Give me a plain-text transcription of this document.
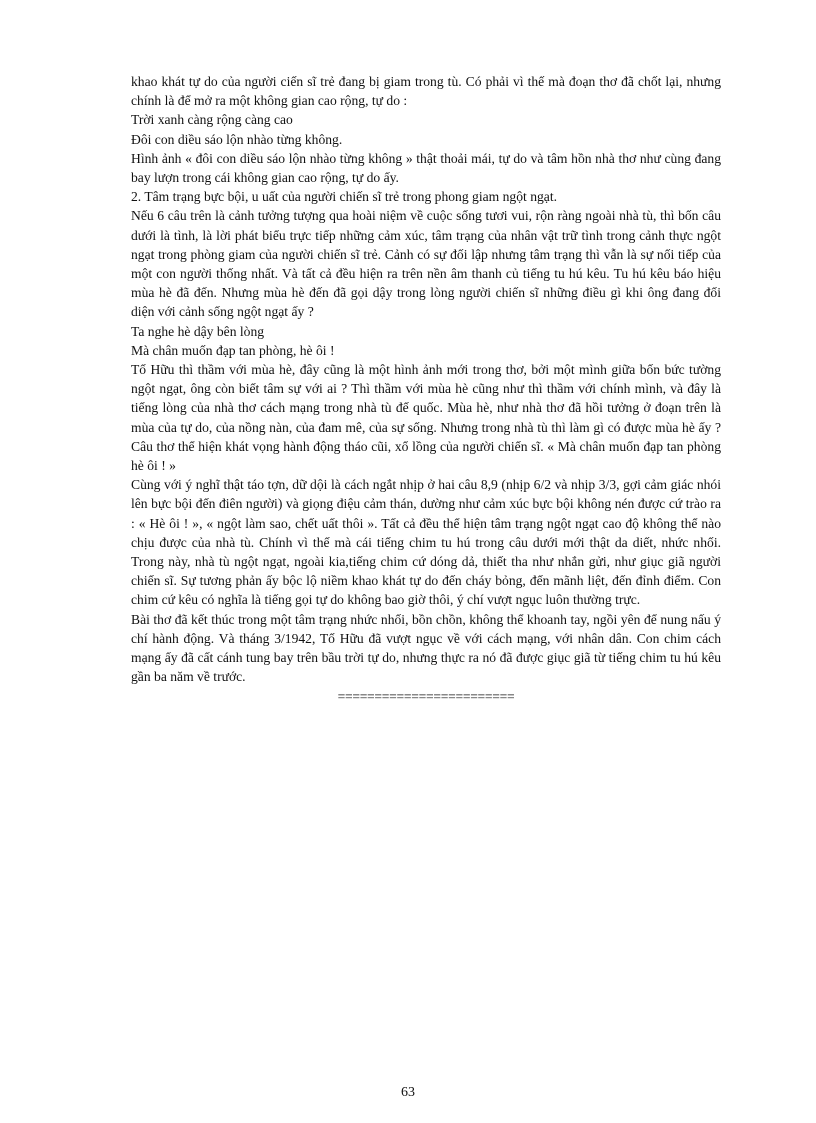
khao khát tự do của người ciến sĩ trẻ đang bị giam trong tù. Có phải vì thế mà đoạn thơ đã chốt lại, nhưng chính là để mở ra một không gian cao rộng, tự do :

Trời xanh càng rộng càng cao

Đôi con diều sáo lộn nhào từng không.

Hình ảnh « đôi con diều sáo lộn nhào từng không » thật thoải mái, tự do và tâm hồn nhà thơ như cùng đang bay lượn trong cái không gian cao rộng, tự do ấy.

2. Tâm trạng bực bội, u uất của người chiến sĩ trẻ trong phong giam ngột ngạt.

Nếu 6 câu trên là cảnh tưởng tượng qua hoài niệm về cuộc sống tươi vui, rộn ràng ngoài nhà tù, thì bốn câu dưới là tình, là lời phát biểu trực tiếp những cảm xúc, tâm trạng của nhân vật trữ tình trong cảnh thực ngột ngạt trong phòng giam của người chiến sĩ trẻ. Cảnh có sự đối lập nhưng tâm trạng thì vẫn là sự nối tiếp của một con người thống nhất. Và tất cả đều hiện ra trên nền âm thanh củ tiếng tu hú kêu. Tu hú kêu báo hiệu mùa hè đã đến. Nhưng mùa hè đến đã gọi dậy trong lòng người chiến sĩ những điều gì khi ông đang đối diện với cảnh sống ngột ngạt ấy ?

Ta nghe hè dậy bên lòng

Mà chân muốn đạp tan phòng, hè ôi !

Tố Hữu thì thầm với mùa hè, đây cũng là một hình ảnh mới trong thơ, bởi một mình giữa bốn bức tường ngột ngạt, ông còn biết tâm sự với ai ? Thì thầm với mùa hè cũng như thì thầm với chính mình, và đây là tiếng lòng của nhà thơ cách mạng trong nhà tù đế quốc. Mùa hè, như nhà thơ đã hồi tưởng ở đoạn trên là mùa của tự do, của nồng nàn, của đam mê, của sự sống. Nhưng trong nhà tù thì làm gì có được mùa hè ấy ? Câu thơ thể hiện khát vọng hành động tháo cũi, xổ lồng của người chiến sĩ. « Mà chân muốn đạp tan phòng hè ôi ! »

Cùng với ý nghĩ thật táo tợn, dữ dội là cách ngắt nhịp ở hai câu 8,9 (nhịp 6/2 và nhịp 3/3, gợi cảm giác nhói lên bực bội đến điên người) và giọng điệu cảm thán, dường như cảm xúc bực bội không nén được cứ trào ra : « Hè ôi ! », « ngột làm sao, chết uất thôi ». Tất cả đều thể hiện tâm trạng ngột ngạt cao độ không thể nào chịu được của nhà tù. Chính vì thế mà cái tiếng chim tu hú trong câu dưới mới thật da diết, nhức nhối. Trong này, nhà tù ngột ngạt, ngoài kia,tiếng chim cứ dóng dả, thiết tha như nhắn gửi, như giục giã người chiến sĩ. Sự tương phản ấy bộc lộ niềm khao khát tự do đến cháy bỏng, đến mãnh liệt, đến đỉnh điểm. Con chim cứ kêu có nghĩa là tiếng gọi tự do không bao giờ thôi, ý chí vượt ngục luôn thường trực.

Bài thơ đã kết thúc trong một tâm trạng nhức nhối, bồn chồn, không thể khoanh tay, ngồi yên để nung nấu ý chí hành động. Và tháng 3/1942, Tố Hữu đã vượt ngục về với cách mạng, với nhân dân. Con chim cách mạng ấy đã cất cánh tung bay trên bầu trời tự do, nhưng thực ra nó đã được giục giã từ tiếng chim tu hú kêu gần ba năm về trước.

========================

63
